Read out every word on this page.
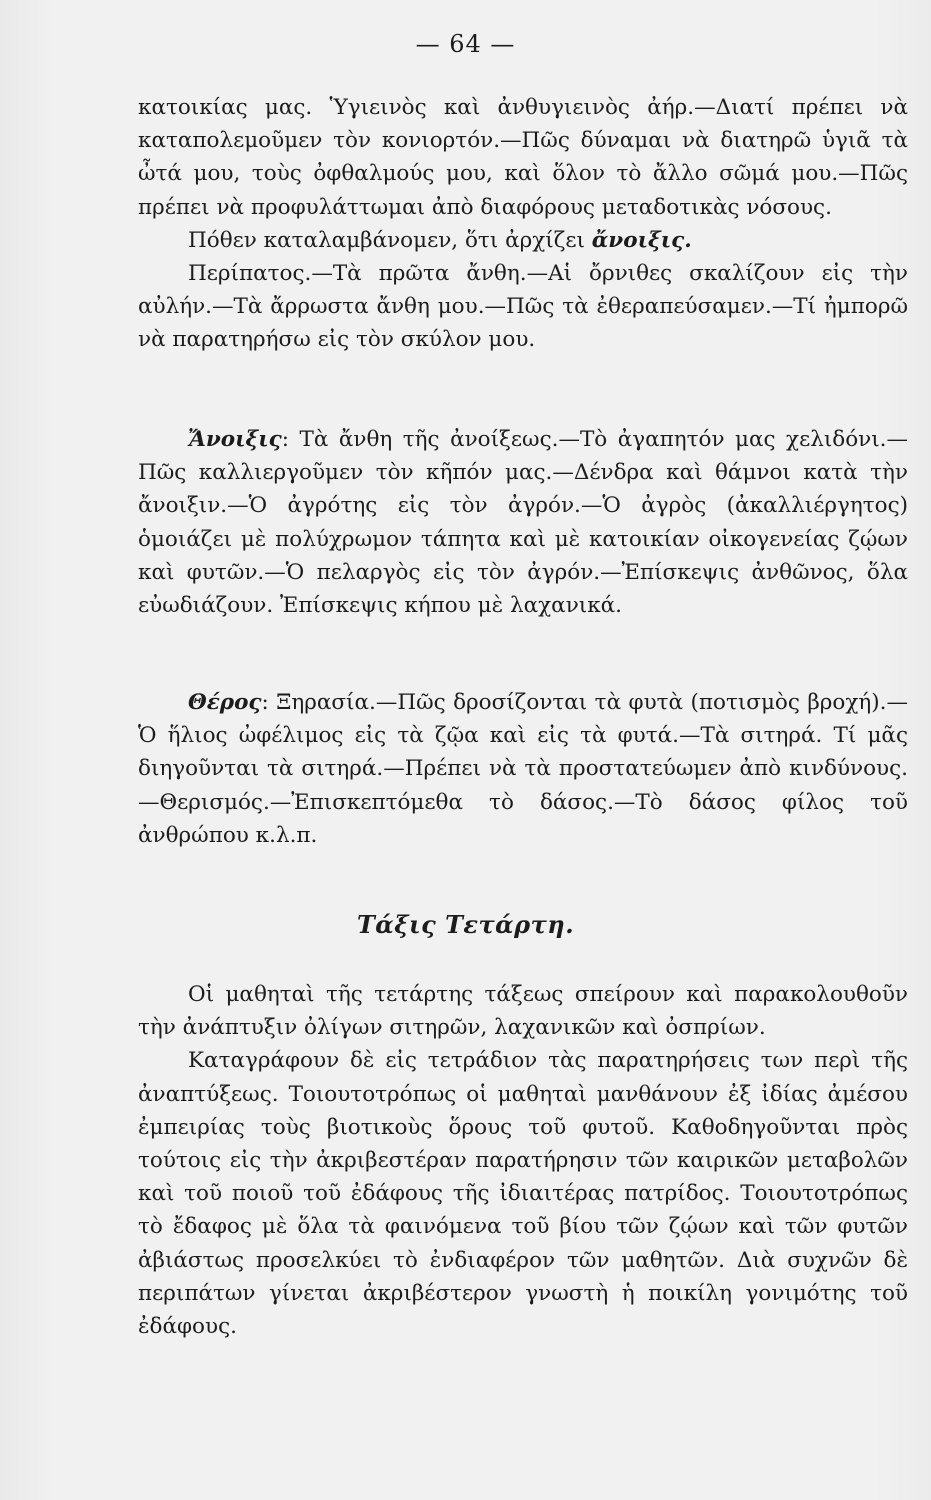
— 64 —

κατοικίας μας. Ὑγιεινὸς καὶ ἀνθυγιεινὸς ἀήρ.—Διατί πρέπει νὰ καταπολεμοῦμεν τὸν κονιορτόν.—Πῶς δύναμαι νὰ διατηρῶ ὑγιᾶ τὰ ὦτά μου, τοὺς ὀφθαλμούς μου, καὶ ὅλον τὸ ἄλλο σῶμά μου.—Πῶς πρέπει νὰ προφυλάττωμαι ἀπὸ διαφόρους μεταδοτικὰς νόσους.

Πόθεν καταλαμβάνομεν, ὅτι ἀρχίζει ἄνοιξις.

Περίπατος.—Τὰ πρῶτα ἄνθη.—Αἱ ὄρνιθες σκαλίζουν εἰς τὴν αὐλήν.—Τὰ ἄρρωστα ἄνθη μου.—Πῶς τὰ ἐθεραπεύσαμεν.—Τί ἠμπορῶ νὰ παρατηρήσω εἰς τὸν σκύλον μου.

Ἄνοιξις: Τὰ ἄνθη τῆς ἀνοίξεως.—Τὸ ἀγαπητόν μας χελιδόνι.—Πῶς καλλιεργοῦμεν τὸν κῆπόν μας.—Δένδρα καὶ θάμνοι κατὰ τὴν ἄνοιξιν.—Ὁ ἀγρότης εἰς τὸν ἀγρόν.—Ὁ ἀγρὸς (ἀκαλλιέργητος) ὁμοιάζει μὲ πολύχρωμον τάπητα καὶ μὲ κατοικίαν οἰκογενείας ζῴων καὶ φυτῶν.—Ὁ πελαργὸς εἰς τὸν ἀγρόν.—Ἐπίσκεψις ἀνθῶνος, ὅλα εὐωδιάζουν. Ἐπίσκεψις κήπου μὲ λαχανικά.

Θέρος: Ξηρασία.—Πῶς δροσίζονται τὰ φυτὰ (ποτισμὸς βροχή).—Ὁ ἥλιος ὠφέλιμος εἰς τὰ ζῷα καὶ εἰς τὰ φυτά.—Τὰ σιτηρά. Τί μᾶς διηγοῦνται τὰ σιτηρά.—Πρέπει νὰ τὰ προστατεύωμεν ἀπὸ κινδύνους.—Θερισμός.—Ἐπισκεπτόμεθα τὸ δάσος.—Τὸ δάσος φίλος τοῦ ἀνθρώπου κ.λ.π.

Τάξις Τετάρτη.

Οἱ μαθηταὶ τῆς τετάρτης τάξεως σπείρουν καὶ παρακολουθοῦν τὴν ἀνάπτυξιν ὀλίγων σιτηρῶν, λαχανικῶν καὶ ὀσπρίων.

Καταγράφουν δὲ εἰς τετράδιον τὰς παρατηρήσεις των περὶ τῆς ἀναπτύξεως. Τοιουτοτρόπως οἱ μαθηταὶ μανθάνουν ἐξ ἰδίας ἀμέσου ἐμπειρίας τοὺς βιοτικοὺς ὅρους τοῦ φυτοῦ. Καθοδηγοῦνται πρὸς τούτοις εἰς τὴν ἀκριβεστέραν παρατήρησιν τῶν καιρικῶν μεταβολῶν καὶ τοῦ ποιοῦ τοῦ ἐδάφους τῆς ἰδιαιτέρας πατρίδος. Τοιουτοτρόπως τὸ ἔδαφος μὲ ὅλα τὰ φαινόμενα τοῦ βίου τῶν ζῴων καὶ τῶν φυτῶν ἀβιάστως προσελκύει τὸ ἐνδιαφέρον τῶν μαθητῶν. Διὰ συχνῶν δὲ περιπάτων γίνεται ἀκριβέστερον γνωστὴ ἡ ποικίλη γονιμότης τοῦ ἐδάφους.
